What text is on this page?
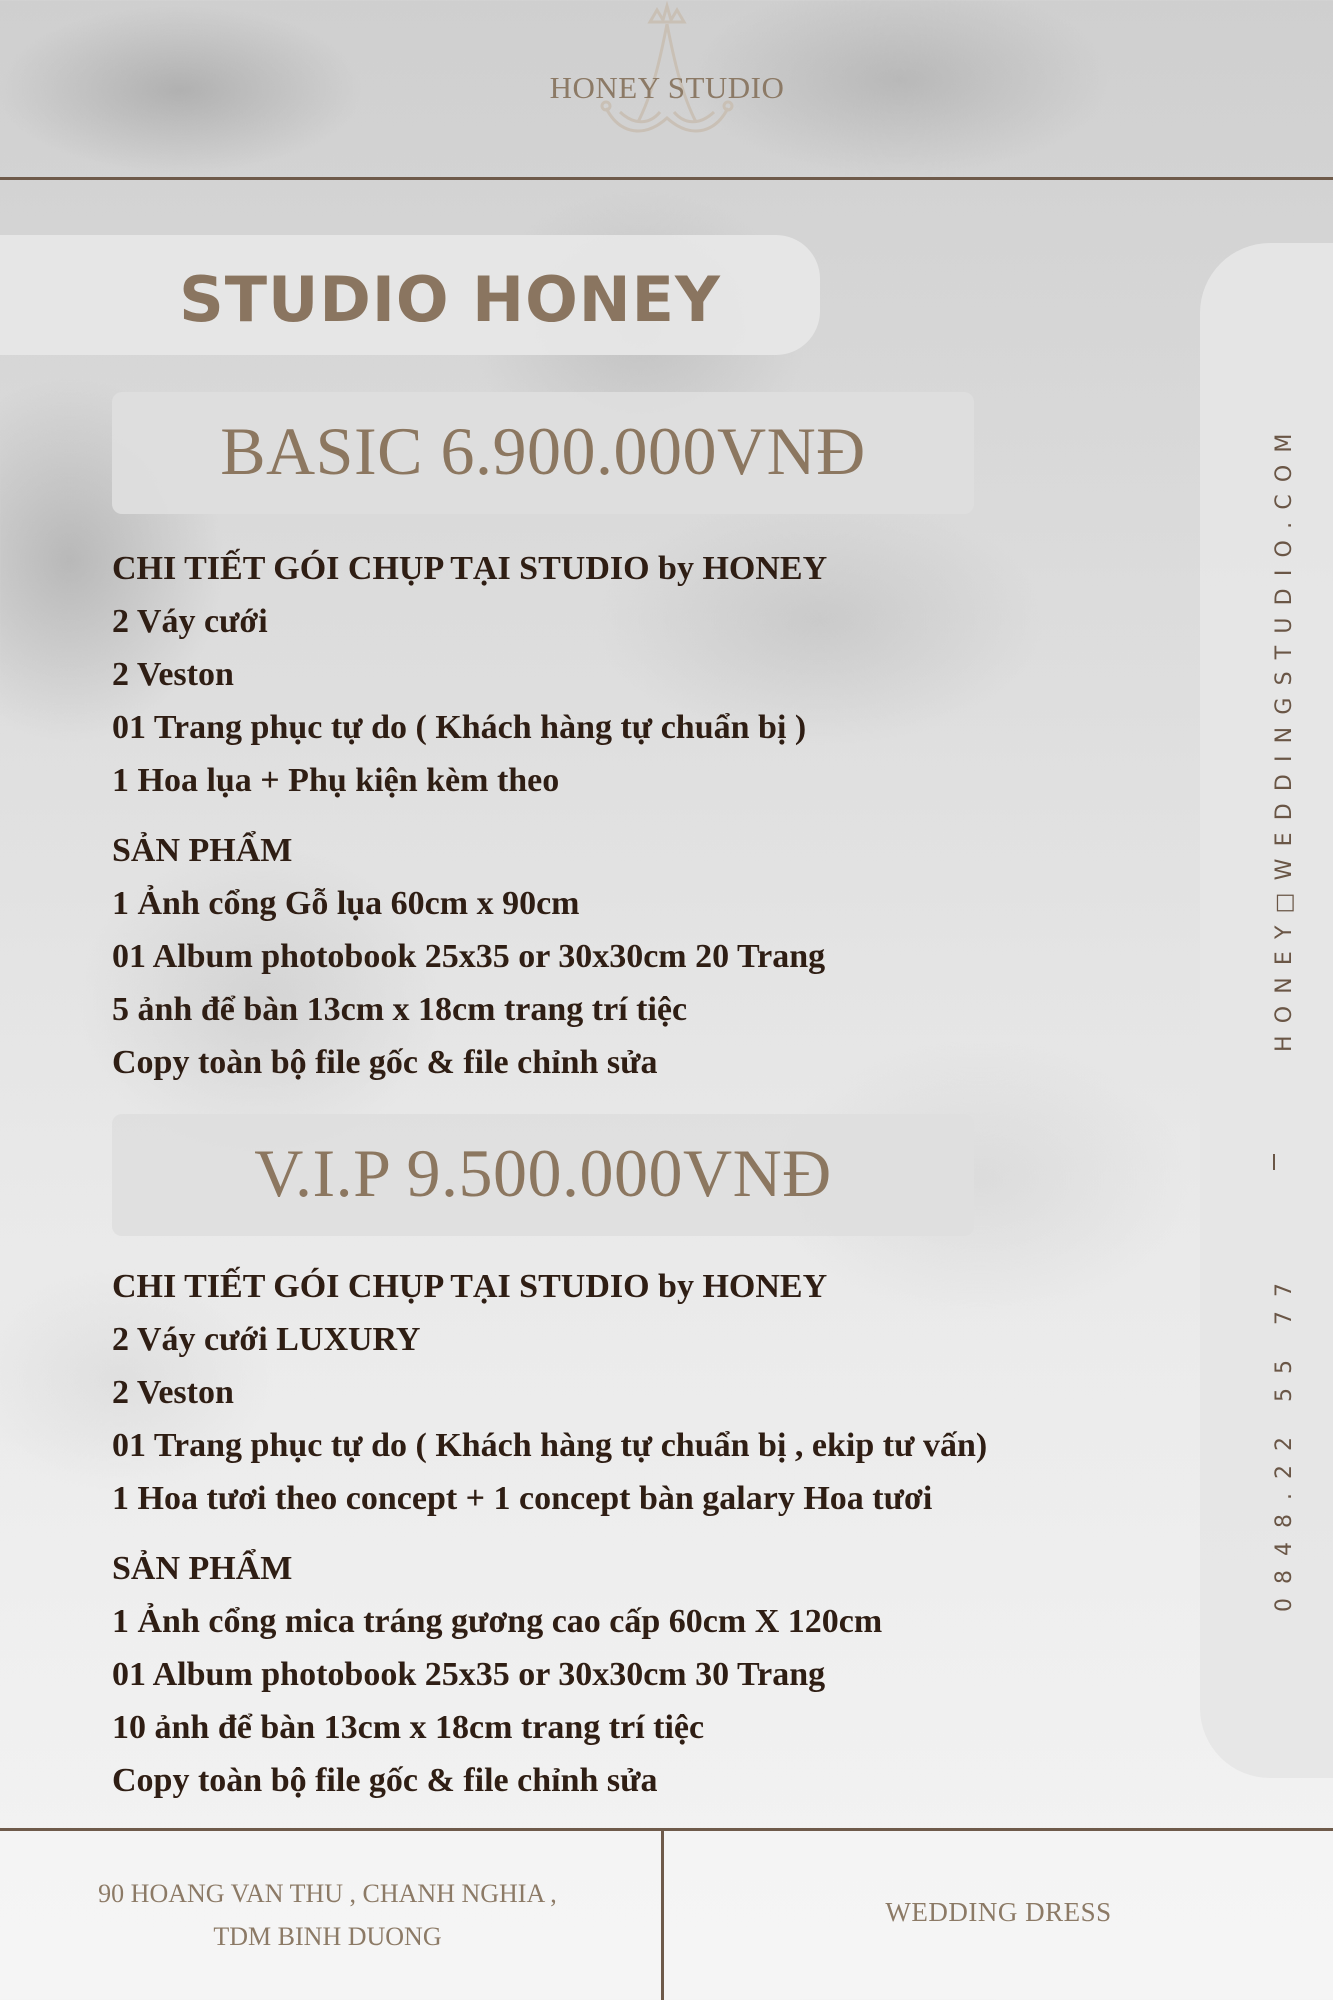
HONEY STUDIO
STUDIO HONEY
HONEY□WEDDINGSTUDIO.COM
0848.22 55 77
BASIC 6.900.000VNĐ
CHI TIẾT GÓI CHỤP TẠI STUDIO by HONEY
2 Váy cưới
2 Veston
01 Trang phục tự do ( Khách hàng tự chuẩn bị )
1 Hoa lụa + Phụ kiện kèm theo
SẢN PHẨM
1 Ảnh cổng Gỗ lụa 60cm x 90cm
01 Album photobook 25x35 or 30x30cm 20 Trang
5 ảnh để bàn 13cm x 18cm trang trí tiệc
Copy toàn bộ file gốc & file chỉnh sửa
V.I.P 9.500.000VNĐ
CHI TIẾT GÓI CHỤP TẠI STUDIO by HONEY
2 Váy cưới LUXURY
2 Veston
01 Trang phục tự do ( Khách hàng tự chuẩn bị , ekip tư vấn)
1 Hoa tươi theo concept + 1 concept bàn galary Hoa tươi
SẢN PHẨM
1 Ảnh cổng mica tráng gương cao cấp 60cm X 120cm
01 Album photobook 25x35 or 30x30cm 30 Trang
10 ảnh để bàn 13cm x 18cm trang trí tiệc
Copy toàn bộ file gốc & file chỉnh sửa
90 HOANG VAN THU , CHANH NGHIA ,
TDM BINH DUONG
WEDDING DRESS
